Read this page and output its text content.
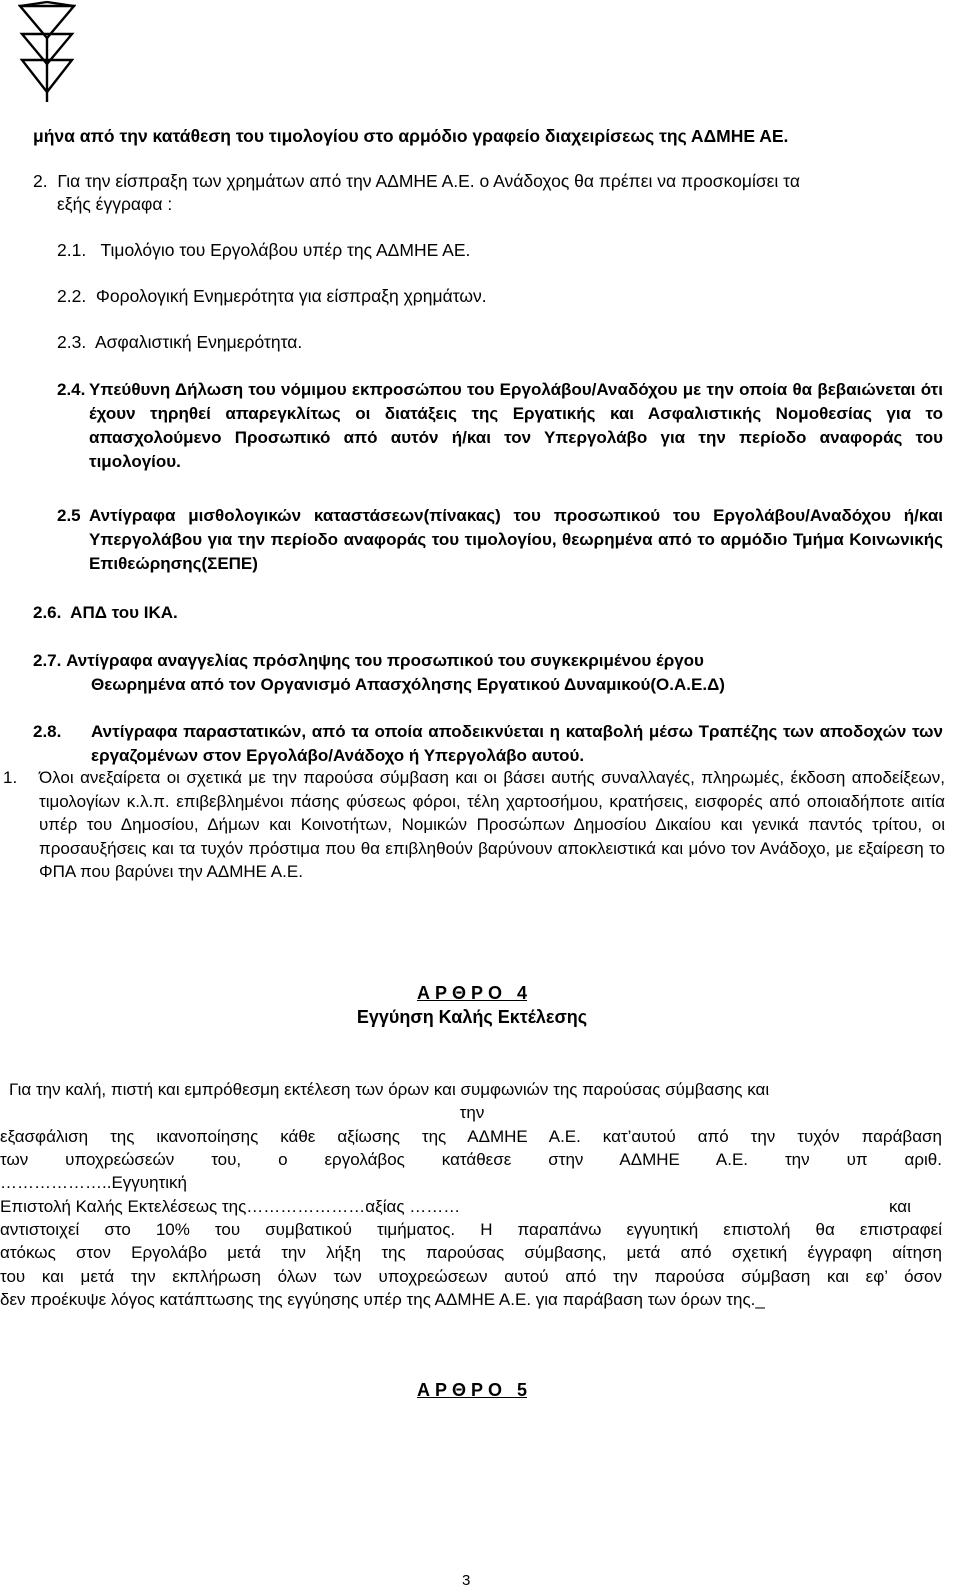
μήνα από την κατάθεση του τιμολογίου στο αρμόδιο γραφείο διαχειρίσεως της ΑΔΜΗΕ ΑΕ.
2. Για την είσπραξη των χρημάτων από την ΑΔΜΗΕ Α.Ε. ο Ανάδοχος θα πρέπει να προσκομίσει τα
εξής έγγραφα :
2.1.   Τιμολόγιο του Εργολάβου υπέρ της ΑΔΜΗΕ ΑΕ.
2.2.  Φορολογική Ενημερότητα για είσπραξη χρημάτων.
2.3.  Ασφαλιστική Ενημερότητα.
2.4. Υπεύθυνη Δήλωση του νόμιμου εκπροσώπου του Εργολάβου/Αναδόχου με την οποία θα βεβαιώνεται ότι έχουν τηρηθεί απαρεγκλίτως οι διατάξεις της Εργατικής και Ασφαλιστικής Νομοθεσίας για το απασχολούμενο Προσωπικό από αυτόν ή/και τον Υπεργολάβο για την περίοδο αναφοράς του τιμολογίου.
2.5 Αντίγραφα μισθολογικών καταστάσεων(πίνακας) του προσωπικού του Εργολάβου/Αναδόχου ή/και Υπεργολάβου για την περίοδο αναφοράς του τιμολογίου, θεωρημένα από το αρμόδιο Τμήμα Κοινωνικής Επιθεώρησης(ΣΕΠΕ)
2.6.  ΑΠΔ του ΙΚΑ.
2.7. Αντίγραφα αναγγελίας πρόσληψης του προσωπικού του συγκεκριμένου έργου
Θεωρημένα από τον Οργανισμό Απασχόλησης Εργατικού Δυναμικού(Ο.Α.Ε.Δ)
2.8.	Αντίγραφα παραστατικών, από τα οποία αποδεικνύεται η καταβολή μέσω Τραπέζης των αποδοχών των εργαζομένων στον Εργολάβο/Ανάδοχο ή Υπεργολάβο αυτού.
1.	Όλοι ανεξαίρετα οι σχετικά με την παρούσα σύμβαση και οι βάσει αυτής συναλλαγές, πληρωμές, έκδοση αποδείξεων, τιμολογίων κ.λ.π. επιβεβλημένοι πάσης φύσεως φόροι, τέλη χαρτοσήμου, κρατήσεις, εισφορές από οποιαδήποτε αιτία υπέρ του Δημοσίου, Δήμων και Κοινοτήτων, Νομικών Προσώπων Δημοσίου Δικαίου και γενικά παντός τρίτου, οι προσαυξήσεις και τα τυχόν πρόστιμα που θα επιβληθούν βαρύνουν αποκλειστικά και μόνο τον Ανάδοχο, με εξαίρεση το ΦΠΑ που βαρύνει την ΑΔΜΗΕ Α.Ε.
Α Ρ Θ Ρ Ο   4
Εγγύηση Καλής Εκτέλεσης
Για την καλή, πιστή και εμπρόθεσμη εκτέλεση των όρων και συμφωνιών της παρούσας σύμβασης και
την
εξασφάλιση της ικανοποίησης κάθε αξίωσης της ΑΔΜΗΕ Α.Ε. κατ’αυτού από την τυχόν παράβαση
των υποχρεώσεών του, ο εργολάβος κατάθεσε στην ΑΔΜΗΕ Α.Ε. την υπ αριθ.
………………..Εγγυητική
Επιστολή Καλής Εκτελέσεως της…………………αξίας ………	και
αντιστοιχεί στο 10% του συμβατικού τιμήματος. Η παραπάνω εγγυητική επιστολή θα επιστραφεί
ατόκως στον Εργολάβο μετά την λήξη της παρούσας σύμβασης, μετά από σχετική έγγραφη αίτηση
του και μετά την εκπλήρωση όλων των υποχρεώσεων αυτού από την παρούσα σύμβαση και εφ’ όσον
δεν προέκυψε λόγος κατάπτωσης της εγγύησης υπέρ της ΑΔΜΗΕ Α.Ε. για παράβαση των όρων της._
Α Ρ Θ Ρ Ο   5
3
